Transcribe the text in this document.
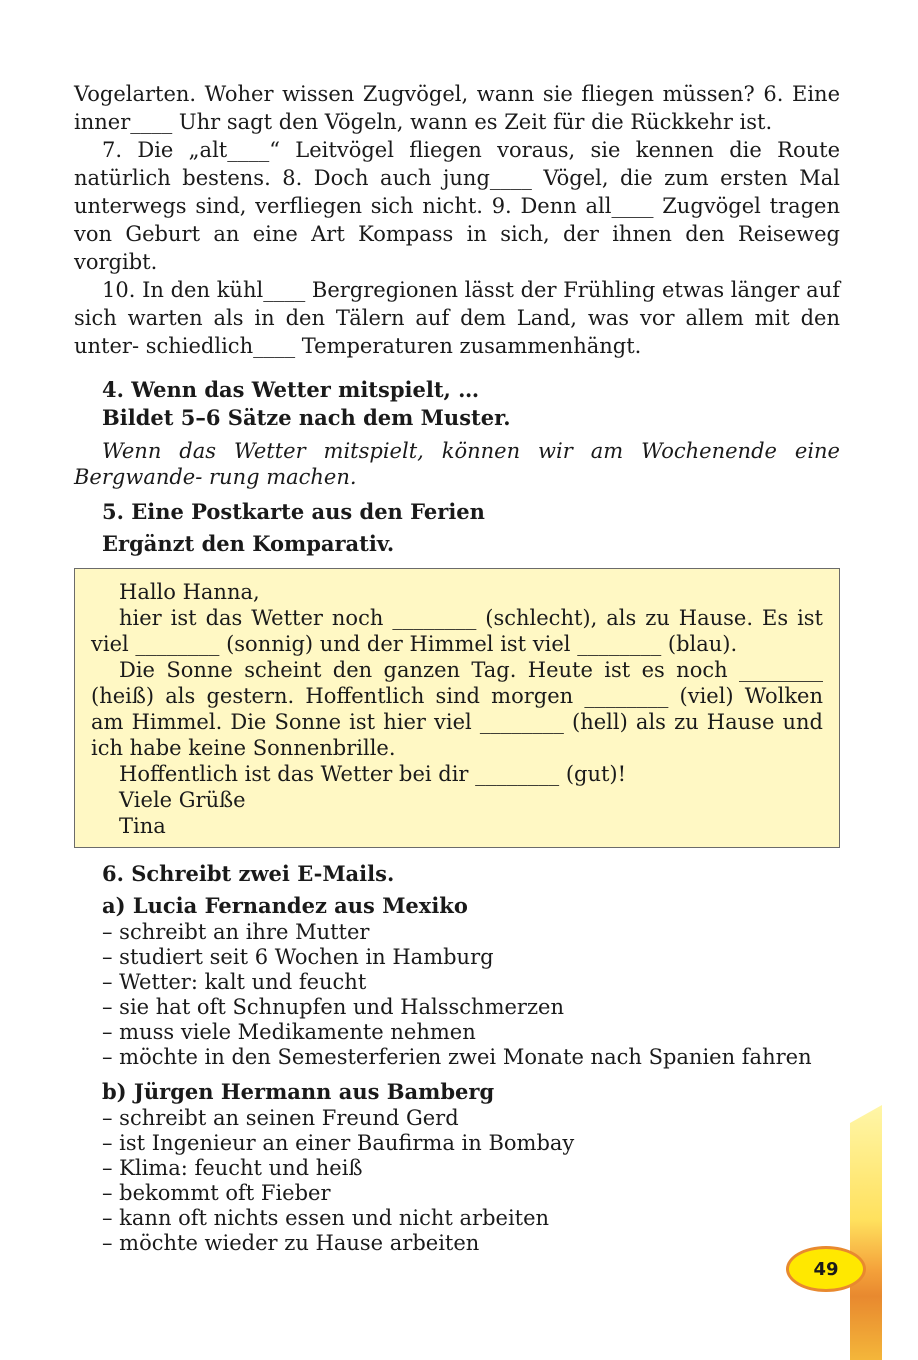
Vogelarten. Woher wissen Zugvögel, wann sie fliegen müssen? 6. Eine inner____ Uhr sagt den Vögeln, wann es Zeit für die Rückkehr ist.

7. Die „alt____“ Leitvögel fliegen voraus, sie kennen die Route natürlich bestens. 8. Doch auch jung____ Vögel, die zum ersten Mal unterwegs sind, verfliegen sich nicht. 9. Denn all____ Zugvögel tragen von Geburt an eine Art Kompass in sich, der ihnen den Reiseweg vorgibt.

10. In den kühl____ Bergregionen lässt der Frühling etwas länger auf sich warten als in den Tälern auf dem Land, was vor allem mit den unter- schiedlich____ Temperaturen zusammenhängt.

4. Wenn das Wetter mitspielt, …

Bildet 5–6 Sätze nach dem Muster.

Wenn das Wetter mitspielt, können wir am Wochenende eine Bergwande- rung machen.

5. Eine Postkarte aus den Ferien

Ergänzt den Komparativ.

Hallo Hanna,

hier ist das Wetter noch ________ (schlecht), als zu Hause. Es ist viel ________ (sonnig) und der Himmel ist viel ________ (blau).

Die Sonne scheint den ganzen Tag. Heute ist es noch ________ (heiß) als gestern. Hoffentlich sind morgen ________ (viel) Wolken am Himmel. Die Sonne ist hier viel ________ (hell) als zu Hause und ich habe keine Sonnenbrille.

Hoffentlich ist das Wetter bei dir ________ (gut)!

Viele Grüße

Tina

6. Schreibt zwei E-Mails.

a) Lucia Fernandez aus Mexiko

– schreibt an ihre Mutter
– studiert seit 6 Wochen in Hamburg
– Wetter: kalt und feucht
– sie hat oft Schnupfen und Halsschmerzen
– muss viele Medikamente nehmen
– möchte in den Semesterferien zwei Monate nach Spanien fahren

b) Jürgen Hermann aus Bamberg

– schreibt an seinen Freund Gerd
– ist Ingenieur an einer Baufirma in Bombay
– Klima: feucht und heiß
– bekommt oft Fieber
– kann oft nichts essen und nicht arbeiten
– möchte wieder zu Hause arbeiten
49
